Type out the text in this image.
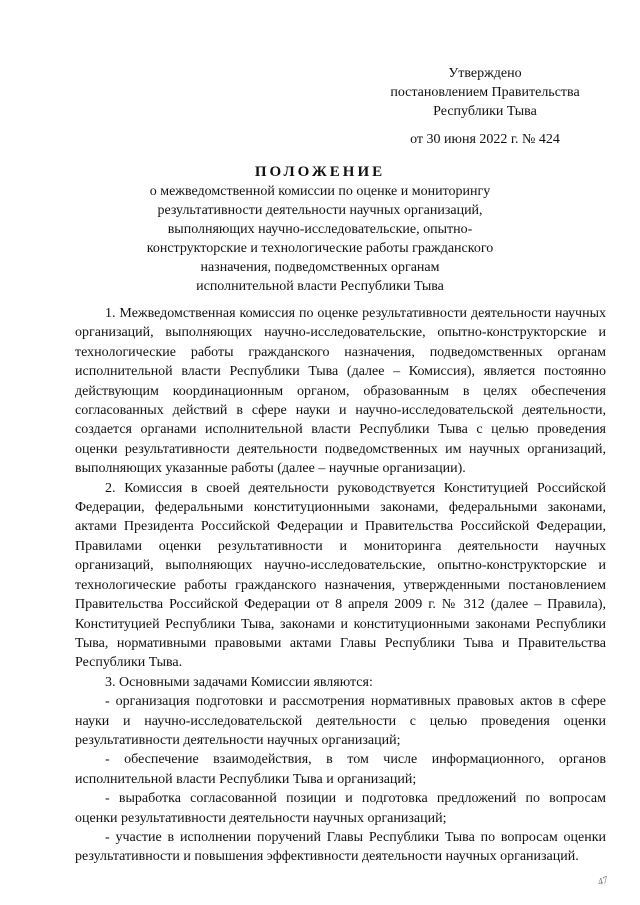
Утверждено
постановлением Правительства
Республики Тыва
от 30 июня 2022 г. № 424
ПОЛОЖЕНИЕ
о межведомственной комиссии по оценке и мониторингу
результативности деятельности научных организаций,
выполняющих научно-исследовательские, опытно-
конструкторские и технологические работы гражданского
назначения, подведомственных органам
исполнительной власти Республики Тыва

1. Межведомственная комиссия по оценке результативности деятельности научных организаций, выполняющих научно-исследовательские, опытно-конструкторские и технологические работы гражданского назначения, подведомственных органам исполнительной власти Республики Тыва (далее – Комиссия), является постоянно действующим координационным органом, образованным в целях обеспечения согласованных действий в сфере науки и научно-исследовательской деятельности, создается органами исполнительной власти Республики Тыва с целью проведения оценки результативности деятельности подведомственных им научных организаций, выполняющих указанные работы (далее – научные организации).

2. Комиссия в своей деятельности руководствуется Конституцией Российской Федерации, федеральными конституционными законами, федеральными законами, актами Президента Российской Федерации и Правительства Российской Федерации, Правилами оценки результативности и мониторинга деятельности научных организаций, выполняющих научно-исследовательские, опытно-конструкторские и технологические работы гражданского назначения, утвержденными постановлением Правительства Российской Федерации от 8 апреля 2009 г. № 312 (далее – Правила), Конституцией Республики Тыва, законами и конституционными законами Республики Тыва, нормативными правовыми актами Главы Республики Тыва и Правительства Республики Тыва.

3. Основными задачами Комиссии являются:

- организация подготовки и рассмотрения нормативных правовых актов в сфере науки и научно-исследовательской деятельности с целью проведения оценки результативности деятельности научных организаций;

- обеспечение взаимодействия, в том числе информационного, органов исполнительной власти Республики Тыва и организаций;

- выработка согласованной позиции и подготовка предложений по вопросам оценки результативности деятельности научных организаций;

- участие в исполнении поручений Главы Республики Тыва по вопросам оценки результативности и повышения эффективности деятельности научных организаций.

47
